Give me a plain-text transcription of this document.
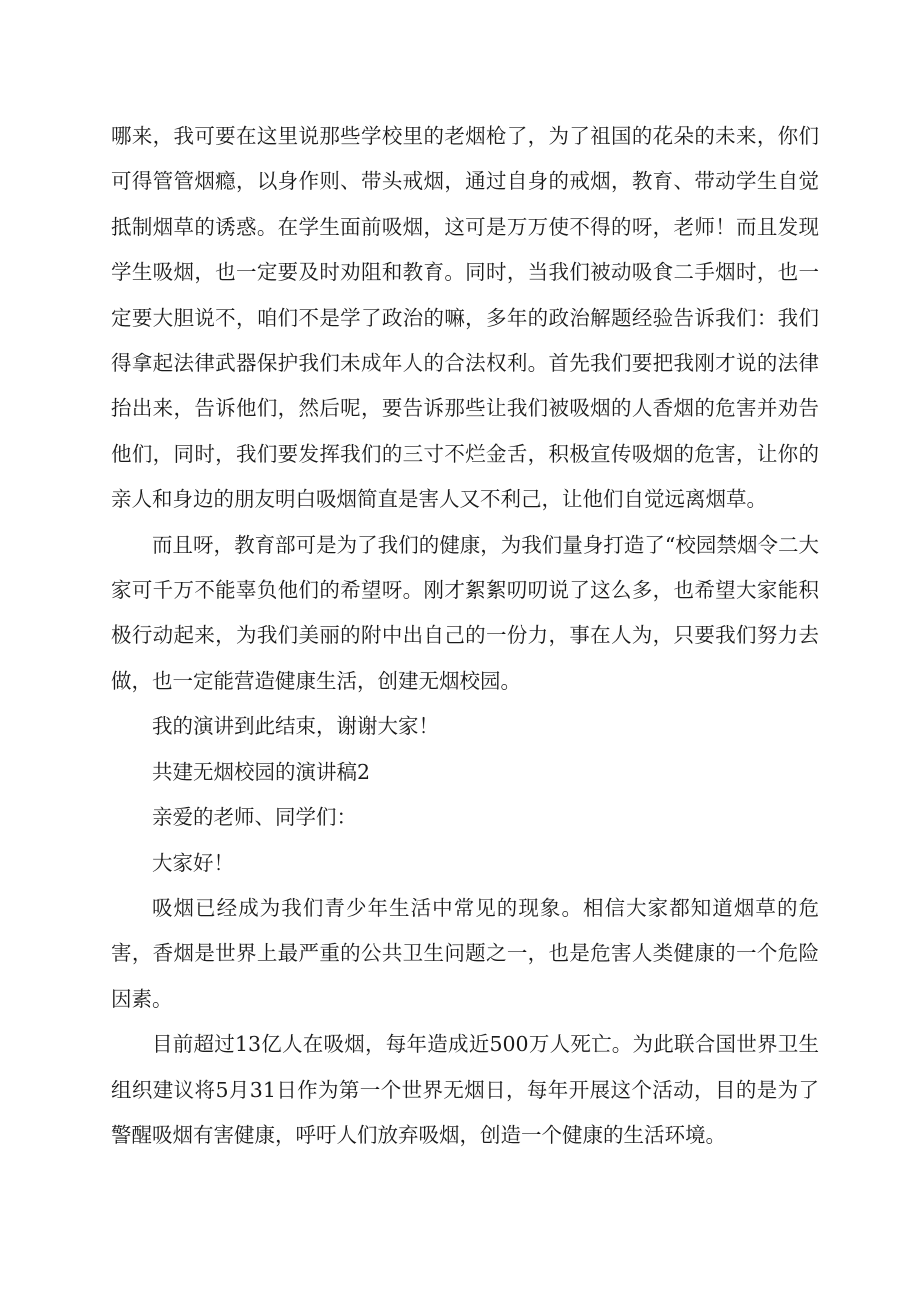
哪来，我可要在这里说那些学校里的老烟枪了，为了祖国的花朵的未来，你们可得管管烟瘾，以身作则、带头戒烟，通过自身的戒烟，教育、带动学生自觉抵制烟草的诱惑。在学生面前吸烟，这可是万万使不得的呀，老师！而且发现学生吸烟，也一定要及时劝阻和教育。同时，当我们被动吸食二手烟时，也一定要大胆说不，咱们不是学了政治的嘛，多年的政治解题经验告诉我们：我们得拿起法律武器保护我们未成年人的合法权利。首先我们要把我刚才说的法律抬出来，告诉他们，然后呢，要告诉那些让我们被吸烟的人香烟的危害并劝告他们，同时，我们要发挥我们的三寸不烂金舌，积极宣传吸烟的危害，让你的亲人和身边的朋友明白吸烟简直是害人又不利己，让他们自觉远离烟草。

而且呀，教育部可是为了我们的健康，为我们量身打造了“校园禁烟令二大家可千万不能辜负他们的希望呀。刚才絮絮叨叨说了这么多，也希望大家能积极行动起来，为我们美丽的附中出自己的一份力，事在人为，只要我们努力去做，也一定能营造健康生活，创建无烟校园。

我的演讲到此结束，谢谢大家！

共建无烟校园的演讲稿2

亲爱的老师、同学们：

大家好！

吸烟已经成为我们青少年生活中常见的现象。相信大家都知道烟草的危害，香烟是世界上最严重的公共卫生问题之一，也是危害人类健康的一个危险因素。

目前超过13亿人在吸烟，每年造成近500万人死亡。为此联合国世界卫生组织建议将5月31日作为第一个世界无烟日，每年开展这个活动，目的是为了警醒吸烟有害健康，呼吁人们放弃吸烟，创造一个健康的生活环境。
